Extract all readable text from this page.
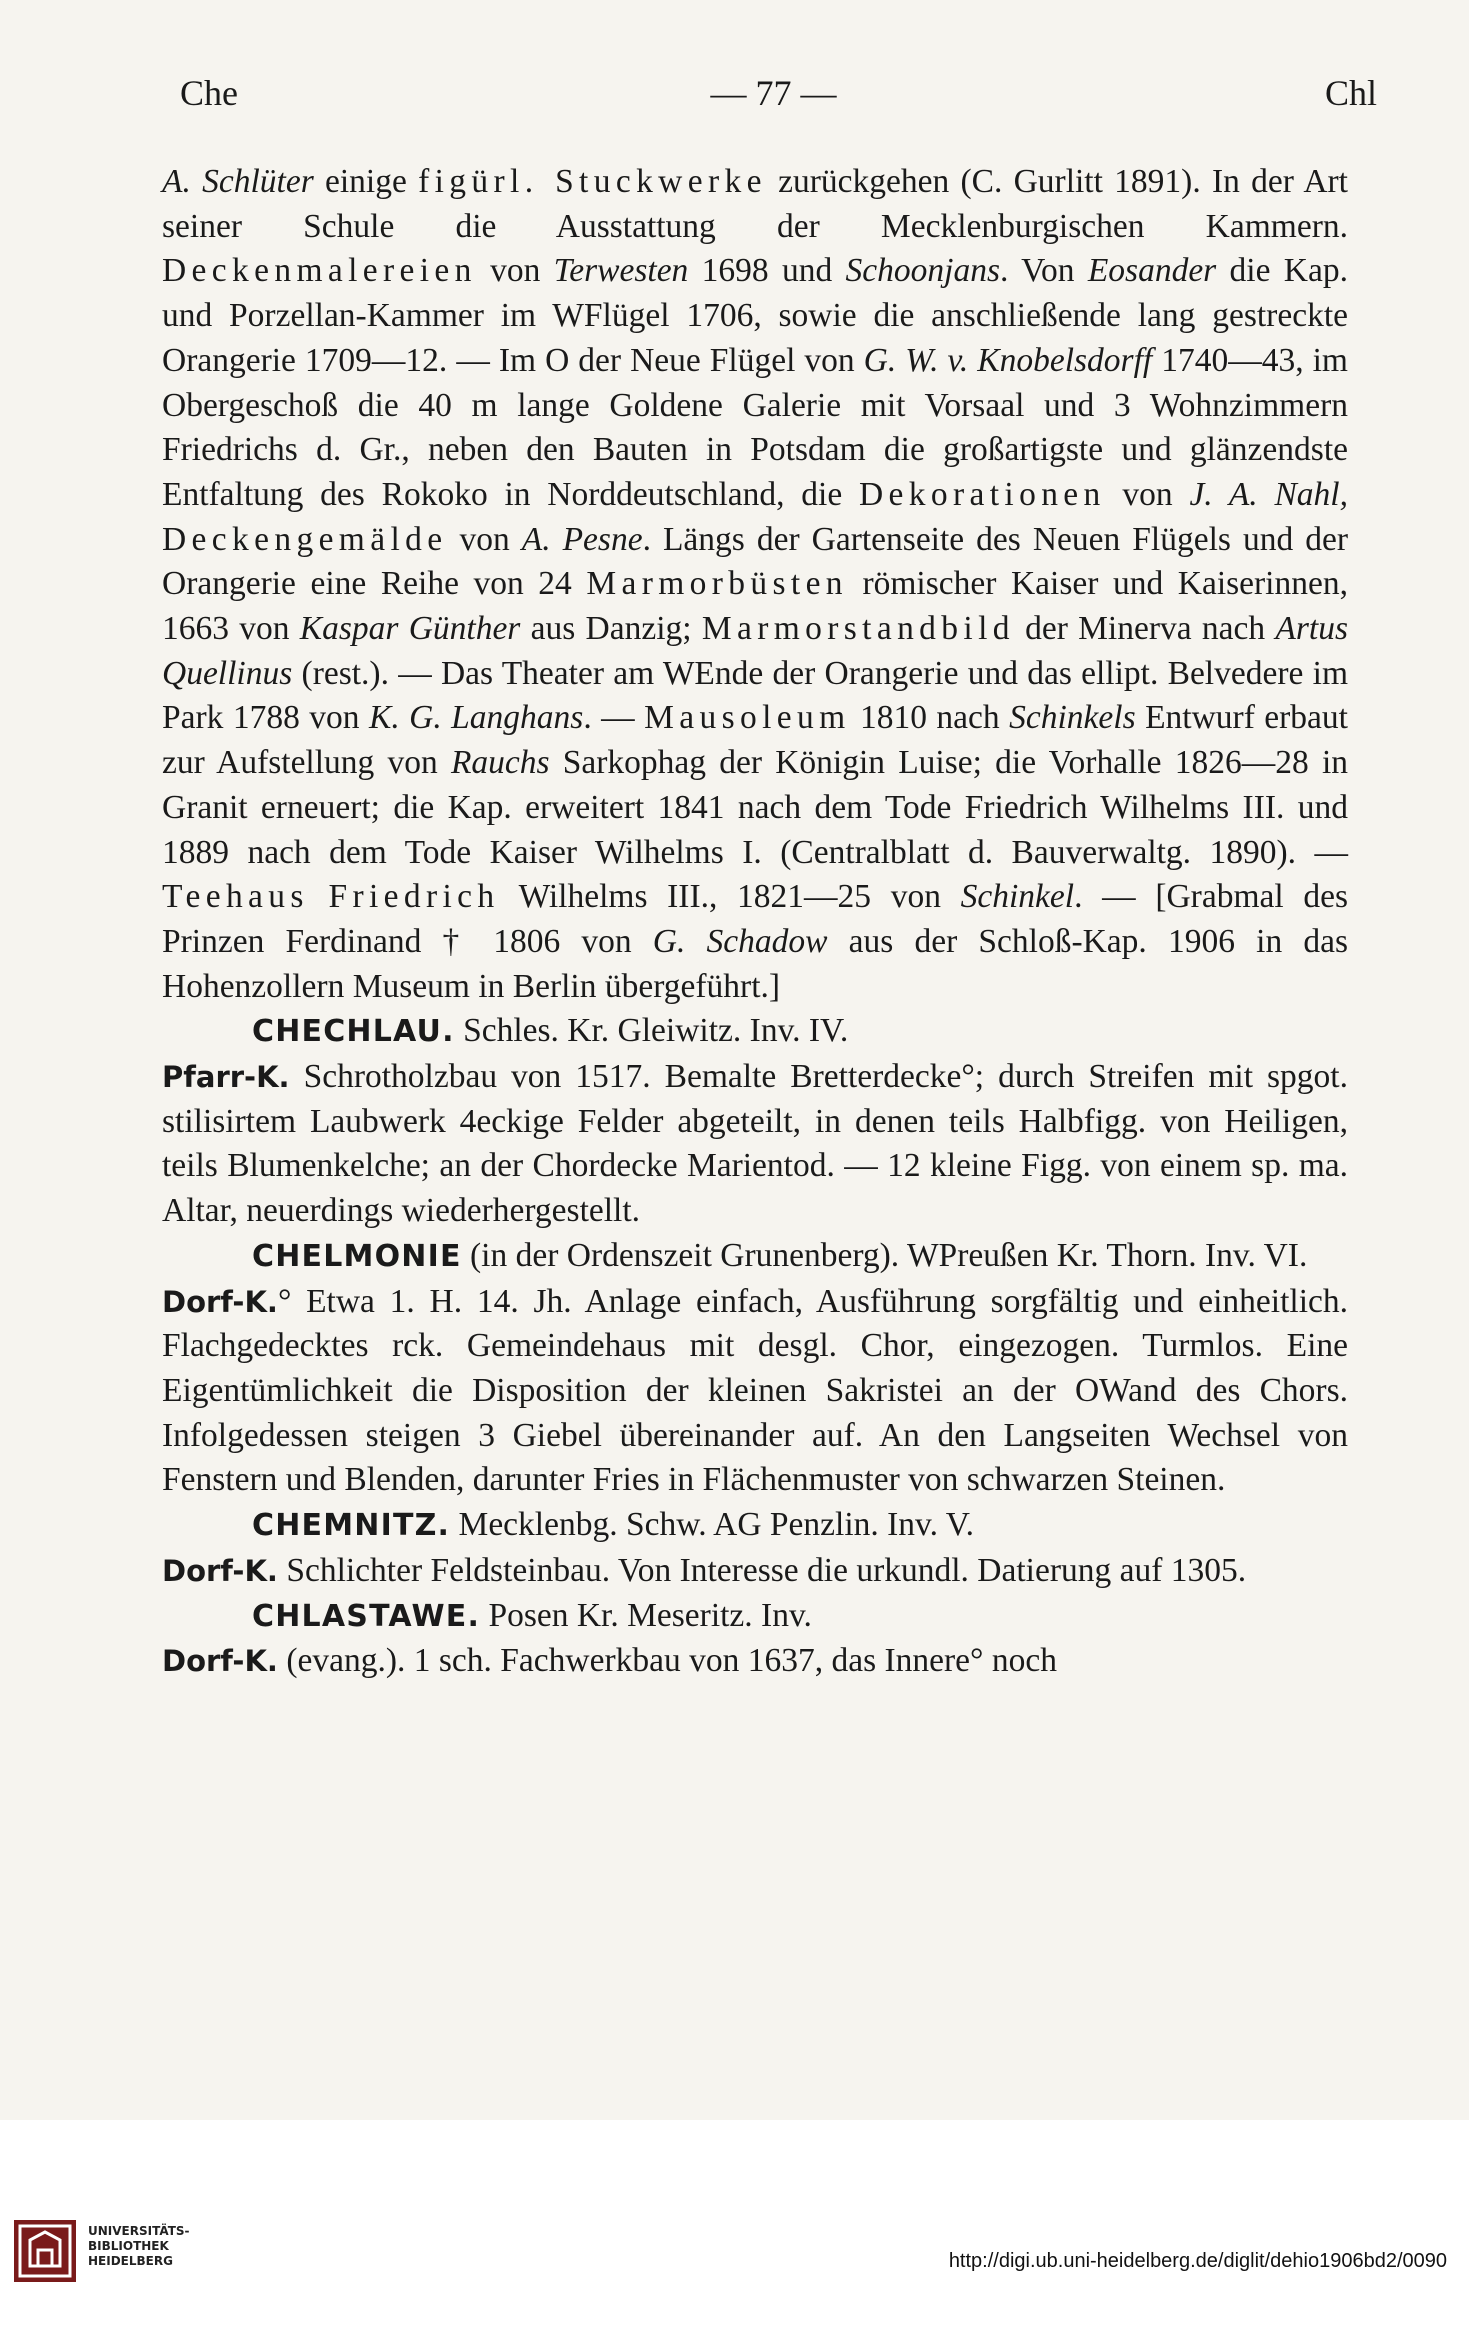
Che	— 77 —	Chl

A. Schlüter einige figürl. Stuckwerke zurückgehen (C. Gurlitt 1891). In der Art seiner Schule die Ausstattung der Mecklenburgischen Kammern. Deckenmalereien von Terwesten 1698 und Schoonjans. Von Eosander die Kap. und Porzellan-Kammer im WFlügel 1706, sowie die anschließende lang gestreckte Orangerie 1709—12. — Im O der Neue Flügel von G. W. v. Knobelsdorff 1740—43, im Obergeschoß die 40 m lange Goldene Galerie mit Vorsaal und 3 Wohnzimmern Friedrichs d. Gr., neben den Bauten in Potsdam die großartigste und glänzendste Entfaltung des Rokoko in Norddeutschland, die Dekorationen von J. A. Nahl, Deckengemälde von A. Pesne. Längs der Gartenseite des Neuen Flügels und der Orangerie eine Reihe von 24 Marmorbüsten römischer Kaiser und Kaiserinnen, 1663 von Kaspar Günther aus Danzig; Marmorstandbild der Minerva nach Artus Quellinus (rest.). — Das Theater am WEnde der Orangerie und das ellipt. Belvedere im Park 1788 von K. G. Langhans. — Mausoleum 1810 nach Schinkels Entwurf erbaut zur Aufstellung von Rauchs Sarkophag der Königin Luise; die Vorhalle 1826—28 in Granit erneuert; die Kap. erweitert 1841 nach dem Tode Friedrich Wilhelms III. und 1889 nach dem Tode Kaiser Wilhelms I. (Centralblatt d. Bauverwaltg. 1890). — Teehaus Friedrich Wilhelms III., 1821—25 von Schinkel. — [Grabmal des Prinzen Ferdinand † 1806 von G. Schadow aus der Schloß-Kap. 1906 in das Hohenzollern Museum in Berlin übergeführt.]

CHECHLAU. Schles. Kr. Gleiwitz. Inv. IV.

Pfarr-K. Schrotholzbau von 1517. Bemalte Bretterdecke°; durch Streifen mit spgot. stilisirtem Laubwerk 4eckige Felder abgeteilt, in denen teils Halbfigg. von Heiligen, teils Blumenkelche; an der Chordecke Marientod. — 12 kleine Figg. von einem sp. ma. Altar, neuerdings wiederhergestellt.

CHELMONIE (in der Ordenszeit Grunenberg). WPreußen Kr. Thorn. Inv. VI.

Dorf-K.° Etwa 1. H. 14. Jh. Anlage einfach, Ausführung sorgfältig und einheitlich. Flachgedecktes rck. Gemeindehaus mit desgl. Chor, eingezogen. Turmlos. Eine Eigentümlichkeit die Disposition der kleinen Sakristei an der OWand des Chors. Infolgedessen steigen 3 Giebel übereinander auf. An den Langseiten Wechsel von Fenstern und Blenden, darunter Fries in Flächenmuster von schwarzen Steinen.

CHEMNITZ. Mecklenbg. Schw. AG Penzlin. Inv. V.

Dorf-K. Schlichter Feldsteinbau. Von Interesse die urkundl. Datierung auf 1305.

CHLASTAWE. Posen Kr. Meseritz. Inv.

Dorf-K. (evang.). 1 sch. Fachwerkbau von 1637, das Innere° noch

UNIVERSITÄTS-
BIBLIOTHEK
HEIDELBERG	http://digi.ub.uni-heidelberg.de/diglit/dehio1906bd2/0090
